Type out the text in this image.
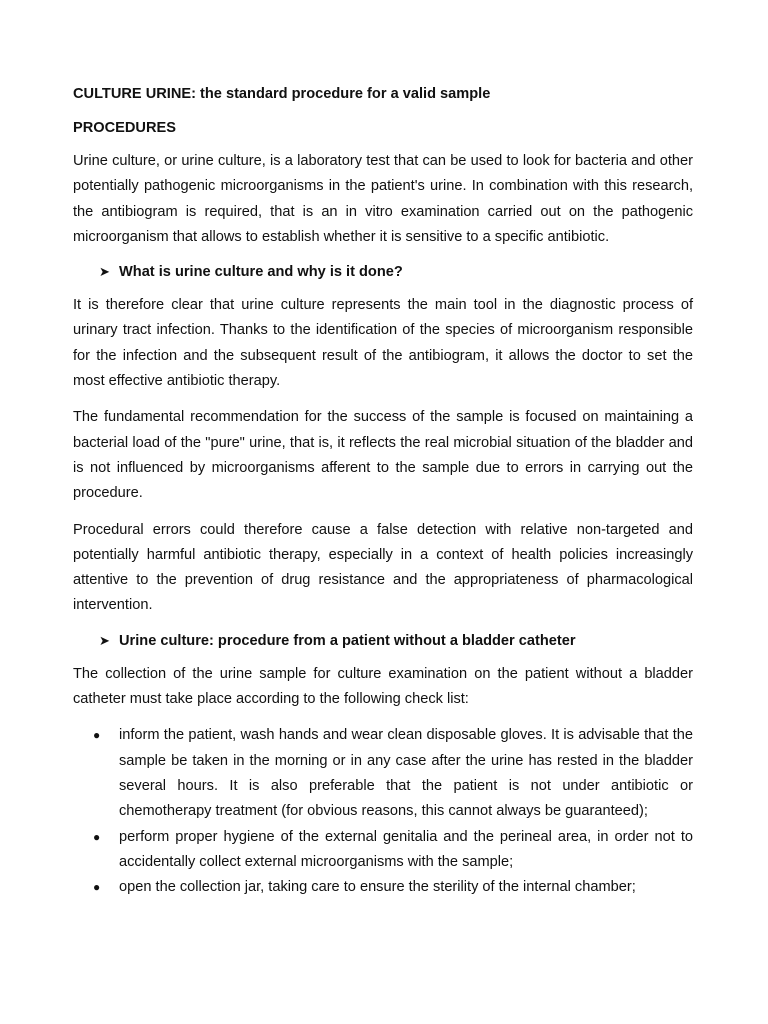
CULTURE URINE: the standard procedure for a valid sample
PROCEDURES

Urine culture, or urine culture, is a laboratory test that can be used to look for bacteria and other potentially pathogenic microorganisms in the patient's urine. In combination with this research, the antibiogram is required, that is an in vitro examination carried out on the pathogenic microorganism that allows to establish whether it is sensitive to a specific antibiotic.

➤ What is urine culture and why is it done?

It is therefore clear that urine culture represents the main tool in the diagnostic process of urinary tract infection. Thanks to the identification of the species of microorganism responsible for the infection and the subsequent result of the antibiogram, it allows the doctor to set the most effective antibiotic therapy.

The fundamental recommendation for the success of the sample is focused on maintaining a bacterial load of the "pure" urine, that is, it reflects the real microbial situation of the bladder and is not influenced by microorganisms afferent to the sample due to errors in carrying out the procedure.

Procedural errors could therefore cause a false detection with relative non-targeted and potentially harmful antibiotic therapy, especially in a context of health policies increasingly attentive to the prevention of drug resistance and the appropriateness of pharmacological intervention.

➤ Urine culture: procedure from a patient without a bladder catheter

The collection of the urine sample for culture examination on the patient without a bladder catheter must take place according to the following check list:

● inform the patient, wash hands and wear clean disposable gloves. It is advisable that the sample be taken in the morning or in any case after the urine has rested in the bladder several hours. It is also preferable that the patient is not under antibiotic or chemotherapy treatment (for obvious reasons, this cannot always be guaranteed);
● perform proper hygiene of the external genitalia and the perineal area, in order not to accidentally collect external microorganisms with the sample;
● open the collection jar, taking care to ensure the sterility of the internal chamber;
